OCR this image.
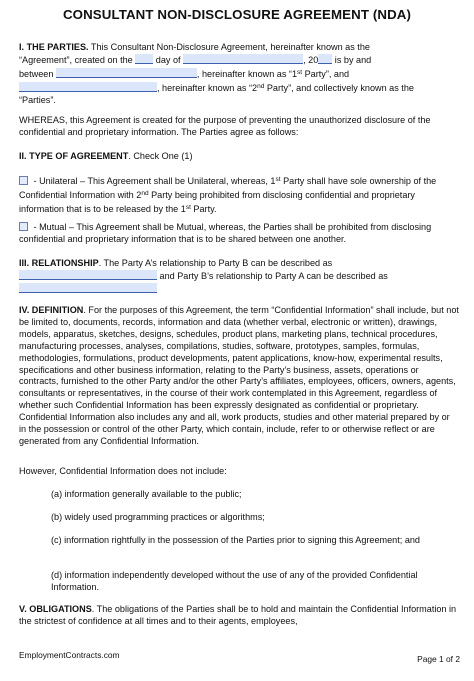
CONSULTANT NON-DISCLOSURE AGREEMENT (NDA)
I. THE PARTIES. This Consultant Non-Disclosure Agreement, hereinafter known as the
“Agreement”, created on the  day of	, 20 is by and
between	, hereinafter known as “1st Party”, and
, hereinafter known as “2nd Party”, and collectively known as the
“Parties”.
WHEREAS, this Agreement is created for the purpose of preventing the unauthorized disclosure of the confidential and proprietary information. The Parties agree as follows:
II. TYPE OF AGREEMENT. Check One (1)
- Unilateral – This Agreement shall be Unilateral, whereas, 1st Party shall have sole ownership of the Confidential Information with 2nd Party being prohibited from disclosing confidential and proprietary information that is to be released by the 1st Party.
- Mutual – This Agreement shall be Mutual, whereas, the Parties shall be prohibited from disclosing confidential and proprietary information that is to be shared between one another.
III. RELATIONSHIP. The Party A’s relationship to Party B can be described as
and Party B’s relationship to Party A can be described as

IV. DEFINITION. For the purposes of this Agreement, the term “Confidential Information” shall include, but not be limited to, documents, records, information and data (whether verbal, electronic or written), drawings, models, apparatus, sketches, designs, schedules, product plans, marketing plans, technical procedures, manufacturing processes, analyses, compilations, studies, software, prototypes, samples, formulas, methodologies, formulations, product developments, patent applications, know-how, experimental results, specifications and other business information, relating to the Party’s business, assets, operations or contracts, furnished to the other Party and/or the other Party’s affiliates, employees, officers, owners, agents, consultants or representatives, in the course of their work contemplated in this Agreement, regardless of whether such Confidential Information has been expressly designated as confidential or proprietary. Confidential Information also includes any and all, work products, studies and other material prepared by or in the possession or control of the other Party, which contain, include, refer to or otherwise reflect or are generated from any Confidential Information.
However, Confidential Information does not include:
(a) information generally available to the public;
(b) widely used programming practices or algorithms;
(c) information rightfully in the possession of the Parties prior to signing this Agreement; and
(d) information independently developed without the use of any of the provided Confidential Information.
V. OBLIGATIONS. The obligations of the Parties shall be to hold and maintain the Confidential Information in the strictest of confidence at all times and to their agents, employees,
EmploymentContracts.com	Page 1 of 2
